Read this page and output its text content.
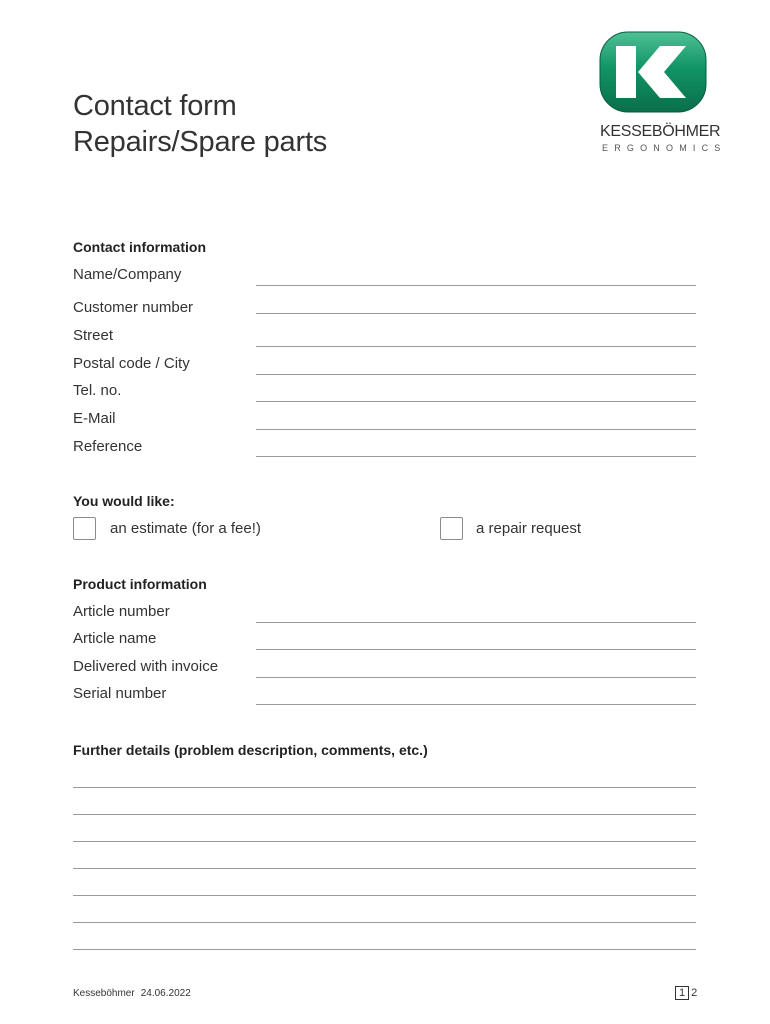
Contact form
Repairs/Spare parts	KESSEBÖHMER
ERGONOMICS
Contact information
Name/Company
Customer number
Street
Postal code / City
Tel. no.
E-Mail
Reference
You would like:
an estimate (for a fee!)	a repair request
Product information
Article number
Article name
Delivered with invoice
Serial number
Further details (problem description, comments, etc.)
Kesseböhmer 24.06.2022	1 2
